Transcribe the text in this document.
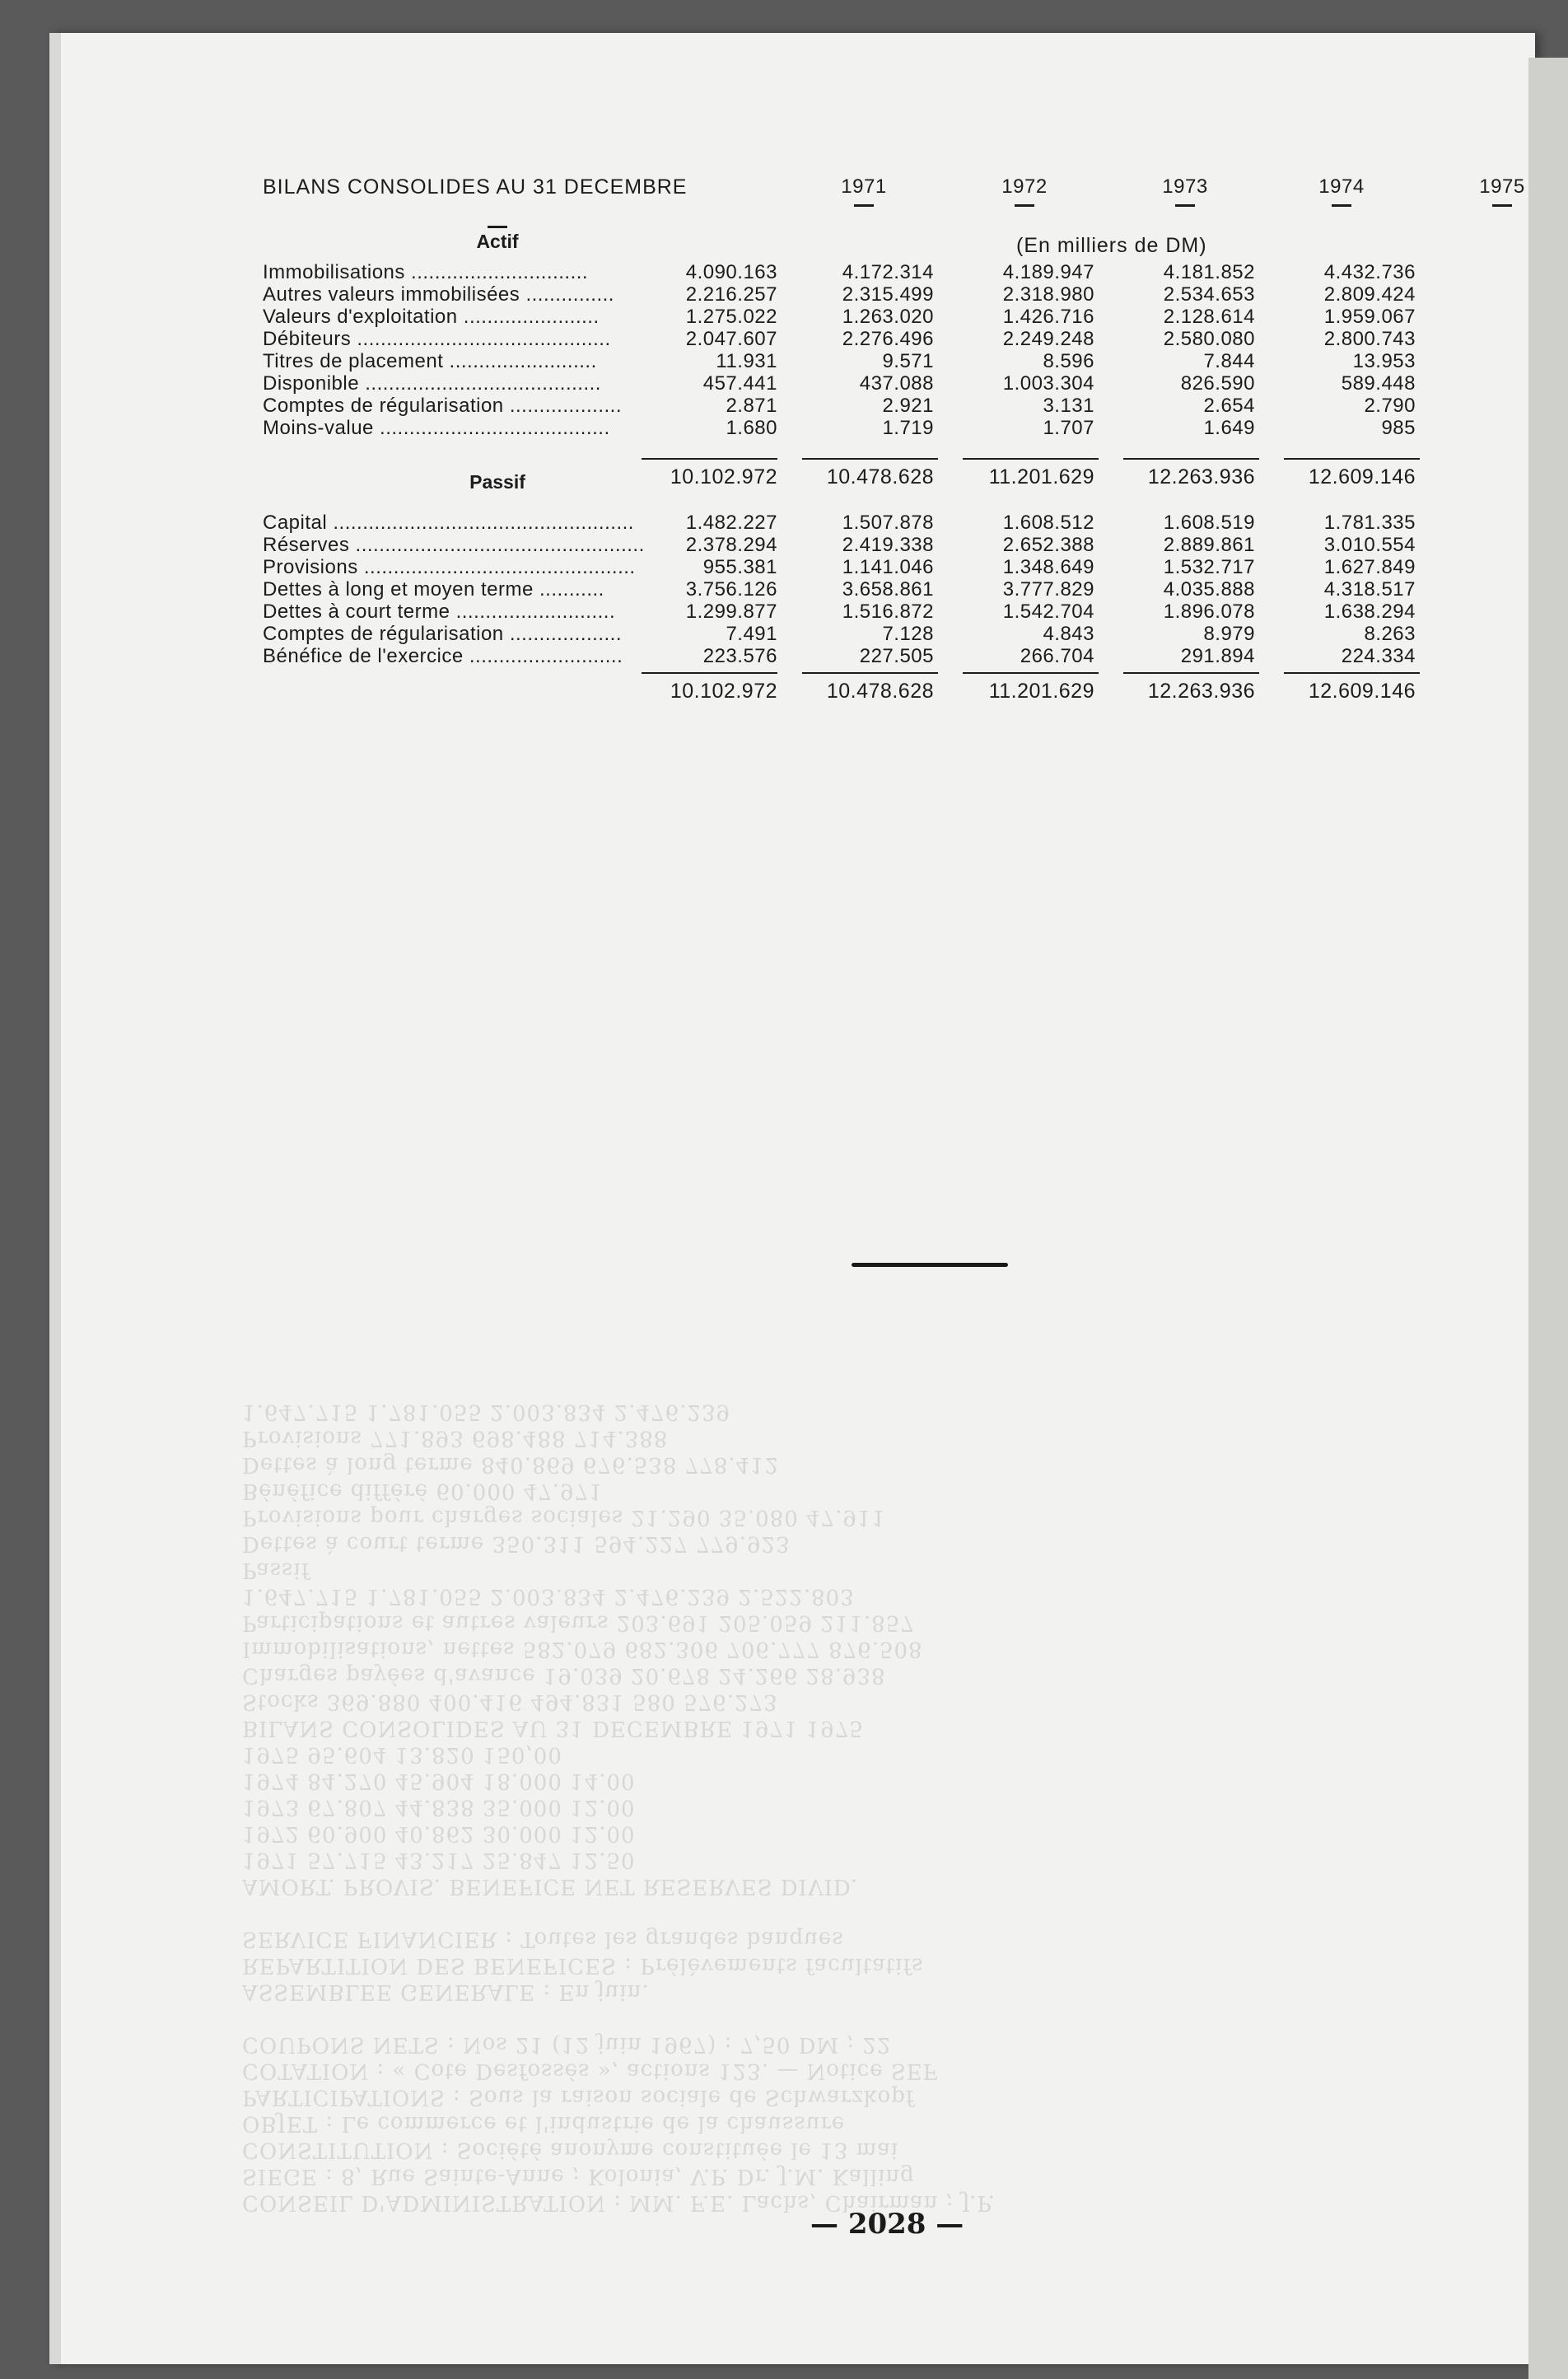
CONSEIL D'ADMINISTRATION : MM. F.E. Lachs, Chairman ; J.P.
SIEGE : 8, Rue Sainte-Anne ; Kolonia, V.P. Dr. J.M. Kalling
CONSTITUTION : Société anonyme constituée le 13 mai
OBJET : Le commerce et l'industrie de la chaussure
PARTICIPATIONS : Sous la raison sociale de Schwarzkopf
COTATION : « Cote Desfossés », actions 123. — Notice SEF
COUPONS NETS : Nos 21 (12 juin 1967) : 7,50 DM ; 22

ASSEMBLEE GENERALE : En juin.
REPARTITION DES BENEFICES : Prélèvements facultatifs
SERVICE FINANCIER : Toutes les grandes banques

AMORT. PROVIS. BENEFICE NET RESERVES DIVID.
1971 57.715 43.217 25.847 12.50
1972 60.900 40.862 30.000 12.00
1973 67.807 44.838 35.000 12.00
1974 84.270 45.904 18.000 14.00
1975 95.604 13.820 150,00
BILANS CONSOLIDES AU 31 DECEMBRE 1971 1975
Stocks 369.880 400.416 494.831 580 576.273
Charges payées d'avance 19.039 20.678 24.266 28.938
Immobilisations, nettes 582.079 682.306 706.777 876.508
Participations et autres valeurs 203.691 205.059 211.857
1.647.715 1.781.055 2.003.834 2.476.239 2.522.803
Passif
Dettes à court terme 350.311 594.227 779.923
Provisions pour charges sociales 21.290 35.080 47.911
Bénéfice différé 60.000 47.971
Dettes à long terme 840.869 676.538 778.412
Provisions 771.893 698.488 714.388
1.647.715 1.781.055 2.003.834 2.476.239
BILANS CONSOLIDES AU 31 DECEMBRE	1971	1972	1973	1974	1975
Actif	(En milliers de DM)
Immobilisations ..............................	4.090.163	4.172.314	4.189.947	4.181.852	4.432.736
Autres valeurs immobilisées ...............	2.216.257	2.315.499	2.318.980	2.534.653	2.809.424
Valeurs d'exploitation .......................	1.275.022	1.263.020	1.426.716	2.128.614	1.959.067
Débiteurs ...........................................	2.047.607	2.276.496	2.249.248	2.580.080	2.800.743
Titres de placement .........................	11.931	9.571	8.596	7.844	13.953
Disponible ........................................	457.441	437.088	1.003.304	826.590	589.448
Comptes de régularisation ...................	2.871	2.921	3.131	2.654	2.790
Moins-value .......................................	1.680	1.719	1.707	1.649	985
10.102.972	10.478.628	11.201.629	12.263.936	12.609.146
Passif
Capital ...................................................	1.482.227	1.507.878	1.608.512	1.608.519	1.781.335
Réserves .................................................	2.378.294	2.419.338	2.652.388	2.889.861	3.010.554
Provisions ..............................................	955.381	1.141.046	1.348.649	1.532.717	1.627.849
Dettes à long et moyen terme ...........	3.756.126	3.658.861	3.777.829	4.035.888	4.318.517
Dettes à court terme ...........................	1.299.877	1.516.872	1.542.704	1.896.078	1.638.294
Comptes de régularisation ...................	7.491	7.128	4.843	8.979	8.263
Bénéfice de l'exercice ..........................	223.576	227.505	266.704	291.894	224.334
10.102.972	10.478.628	11.201.629	12.263.936	12.609.146
— 2028 —
